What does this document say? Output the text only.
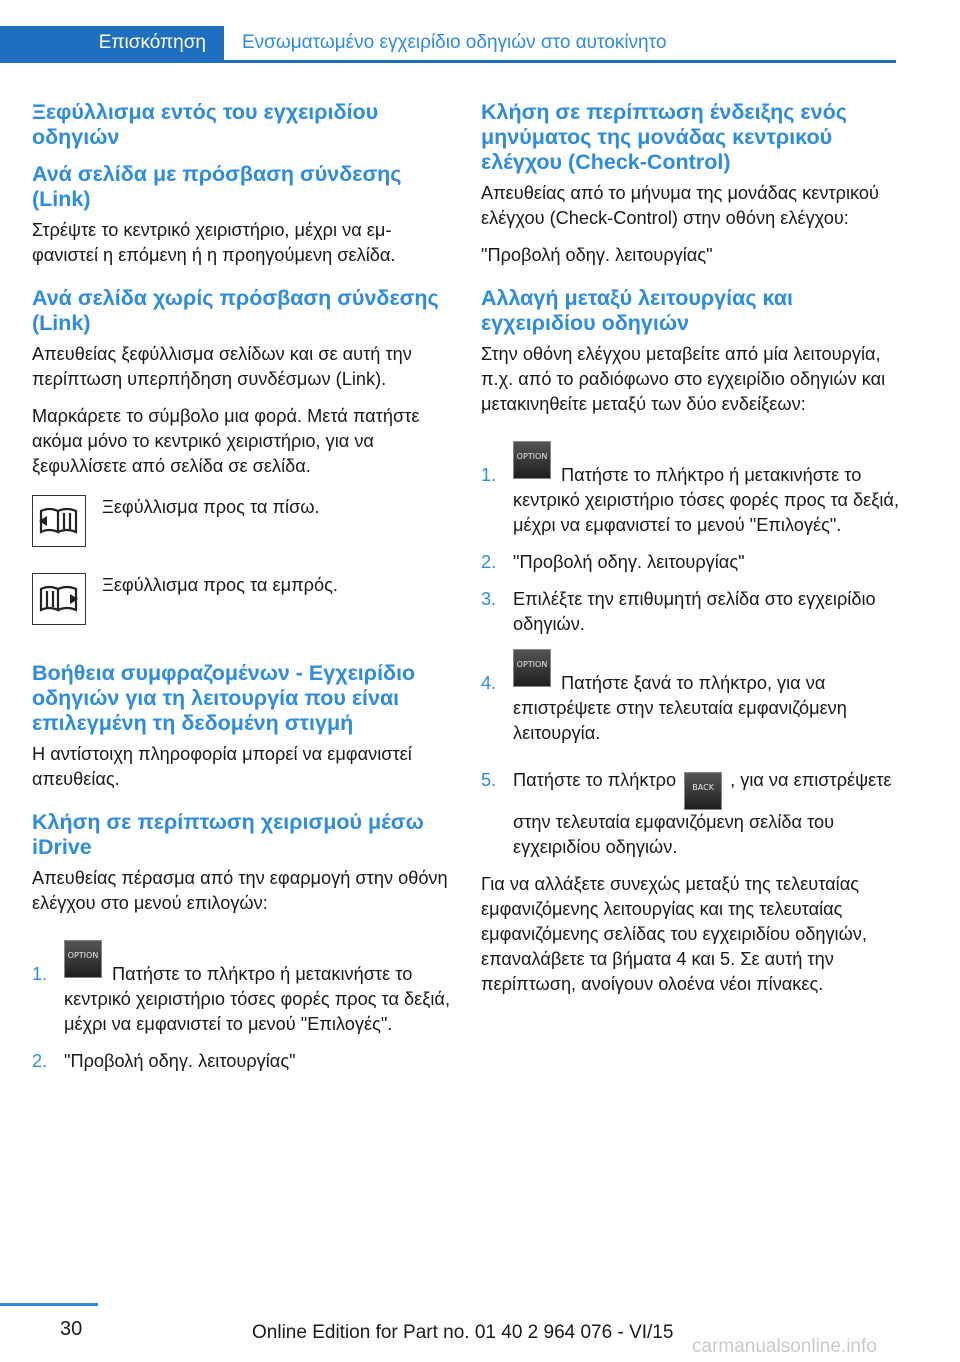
Επισκόπηση	Ενσωματωμένο εγχειρίδιο οδηγιών στο αυτοκίνητο
Ξεφύλλισμα εντός του εγχειριδίου οδηγιών
Ανά σελίδα με πρόσβαση σύνδεσης (Link)
Στρέψτε το κεντρικό χειριστήριο, μέχρι να εμφανιστεί η επόμενη ή η προηγούμενη σελίδα.
Ανά σελίδα χωρίς πρόσβαση σύνδεσης (Link)
Απευθείας ξεφύλλισμα σελίδων και σε αυτή την περίπτωση υπερπήδηση συνδέσμων (Link).
Μαρκάρετε το σύμβολο μια φορά. Μετά πατήστε ακόμα μόνο το κεντρικό χειριστήριο, για να ξεφυλλίσετε από σελίδα σε σελίδα.
Ξεφύλλισμα προς τα πίσω.
Ξεφύλλισμα προς τα εμπρός.
Βοήθεια συμφραζομένων - Εγχειρίδιο οδηγιών για τη λειτουργία που είναι επιλεγμένη τη δεδομένη στιγμή
Η αντίστοιχη πληροφορία μπορεί να εμφανιστεί απευθείας.
Κλήση σε περίπτωση χειρισμού μέσω iDrive
Απευθείας πέρασμα από την εφαρμογή στην οθόνη ελέγχου στο μενού επιλογών:
1.
OPTION
Πατήστε το πλήκτρο ή μετακινήστε το κεντρικό χειριστήριο τόσες φορές προς τα δεξιά, μέχρι να εμφανιστεί το μενού "Επιλογές".
2. "Προβολή οδηγ. λειτουργίας"
Κλήση σε περίπτωση ένδειξης ενός μηνύματος της μονάδας κεντρικού ελέγχου (Check-Control)
Απευθείας από το μήνυμα της μονάδας κεντρικού ελέγχου (Check-Control) στην οθόνη ελέγχου:
"Προβολή οδηγ. λειτουργίας"
Αλλαγή μεταξύ λειτουργίας και εγχειριδίου οδηγιών
Στην οθόνη ελέγχου μεταβείτε από μία λειτουργία, π.χ. από το ραδιόφωνο στο εγχειρίδιο οδηγιών και μετακινηθείτε μεταξύ των δύο ενδείξεων:
1.
OPTION
Πατήστε το πλήκτρο ή μετακινήστε το κεντρικό χειριστήριο τόσες φορές προς τα δεξιά, μέχρι να εμφανιστεί το μενού "Επιλογές".
2. "Προβολή οδηγ. λειτουργίας"
3. Επιλέξτε την επιθυμητή σελίδα στο εγχειρίδιο οδηγιών.
4.
OPTION
Πατήστε ξανά το πλήκτρο, για να επιστρέψετε στην τελευταία εμφανιζόμενη λειτουργία.
5. Πατήστε το πλήκτρο BACK , για να επιστρέψετε στην τελευταία εμφανιζόμενη σελίδα του εγχειριδίου οδηγιών.
Για να αλλάξετε συνεχώς μεταξύ της τελευταίας εμφανιζόμενης λειτουργίας και της τελευταίας εμφανιζόμενης σελίδας του εγχειριδίου οδηγιών, επαναλάβετε τα βήματα 4 και 5. Σε αυτή την περίπτωση, ανοίγουν ολοένα νέοι πίνακες.
30	Online Edition for Part no. 01 40 2 964 076 - VI/15
carmanualsonline.info
